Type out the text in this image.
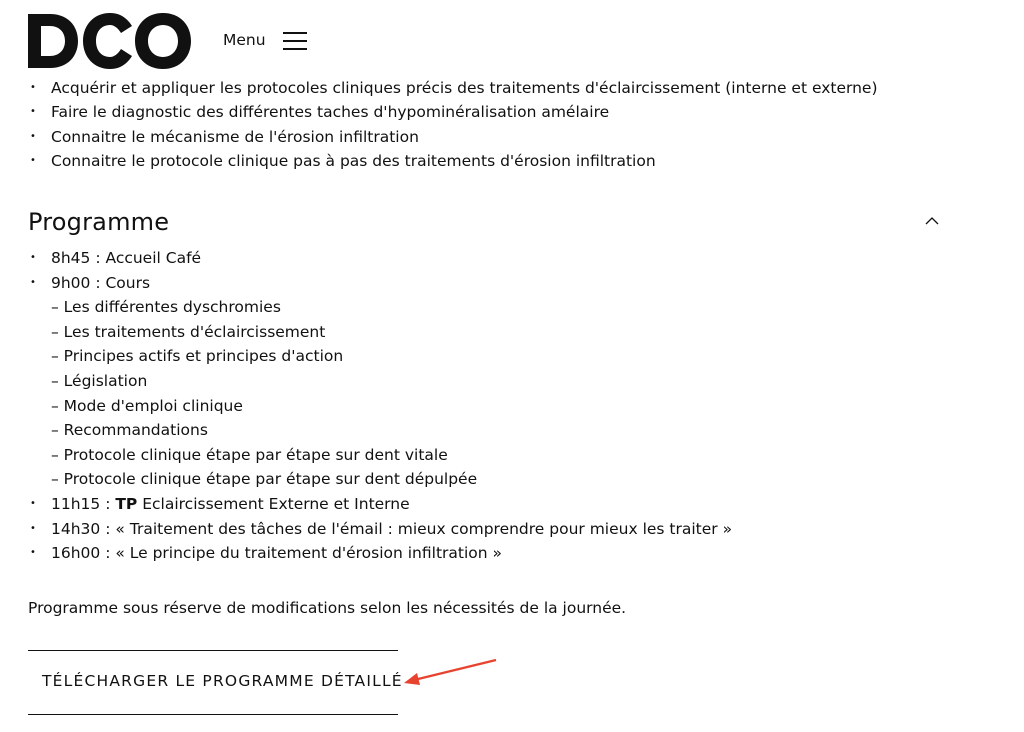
Menu
• Acquérir et appliquer les protocoles cliniques précis des traitements d'éclaircissement (interne et externe)
• Faire le diagnostic des différentes taches d'hypominéralisation amélaire
• Connaitre le mécanisme de l'érosion infiltration
• Connaitre le protocole clinique pas à pas des traitements d'érosion infiltration
Programme
• 8h45 : Accueil Café
• 9h00 : Cours
– Les différentes dyschromies
– Les traitements d'éclaircissement
– Principes actifs et principes d'action
– Législation
– Mode d'emploi clinique
– Recommandations
– Protocole clinique étape par étape sur dent vitale
– Protocole clinique étape par étape sur dent dépulpée
• 11h15 : TP Eclaircissement Externe et Interne
• 14h30 : « Traitement des tâches de l'émail : mieux comprendre pour mieux les traiter »
• 16h00 : « Le principe du traitement d'érosion infiltration »
Programme sous réserve de modifications selon les nécessités de la journée.
TÉLÉCHARGER LE PROGRAMME DÉTAILLÉ
